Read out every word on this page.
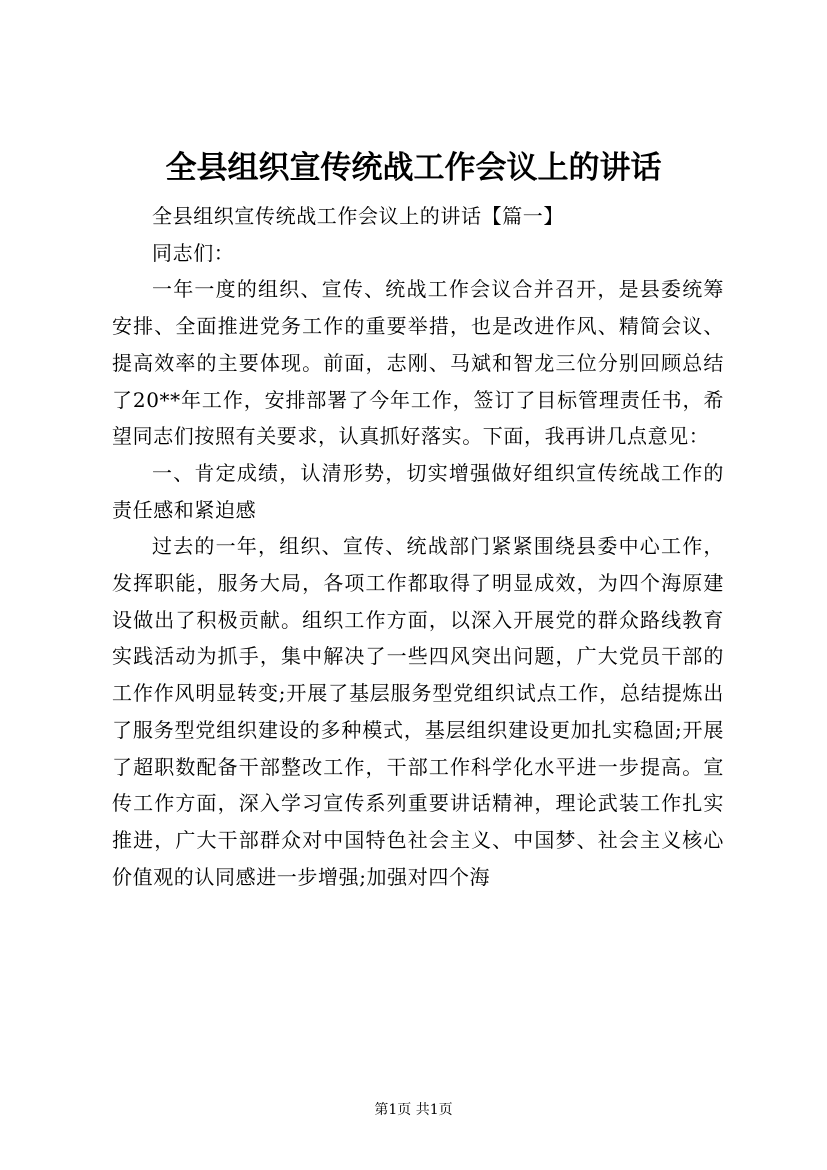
全县组织宣传统战工作会议上的讲话

全县组织宣传统战工作会议上的讲话【篇一】

同志们：

一年一度的组织、宣传、统战工作会议合并召开，是县委统筹安排、全面推进党务工作的重要举措，也是改进作风、精简会议、提高效率的主要体现。前面，志刚、马斌和智龙三位分别回顾总结了20**年工作，安排部署了今年工作，签订了目标管理责任书，希望同志们按照有关要求，认真抓好落实。下面，我再讲几点意见：

一、肯定成绩，认清形势，切实增强做好组织宣传统战工作的责任感和紧迫感

过去的一年，组织、宣传、统战部门紧紧围绕县委中心工作，发挥职能，服务大局，各项工作都取得了明显成效，为四个海原建设做出了积极贡献。组织工作方面，以深入开展党的群众路线教育实践活动为抓手，集中解决了一些四风突出问题，广大党员干部的工作作风明显转变;开展了基层服务型党组织试点工作，总结提炼出了服务型党组织建设的多种模式，基层组织建设更加扎实稳固;开展了超职数配备干部整改工作，干部工作科学化水平进一步提高。宣传工作方面，深入学习宣传系列重要讲话精神，理论武装工作扎实推进，广大干部群众对中国特色社会主义、中国梦、社会主义核心价值观的认同感进一步增强;加强对四个海

第1页 共1页
